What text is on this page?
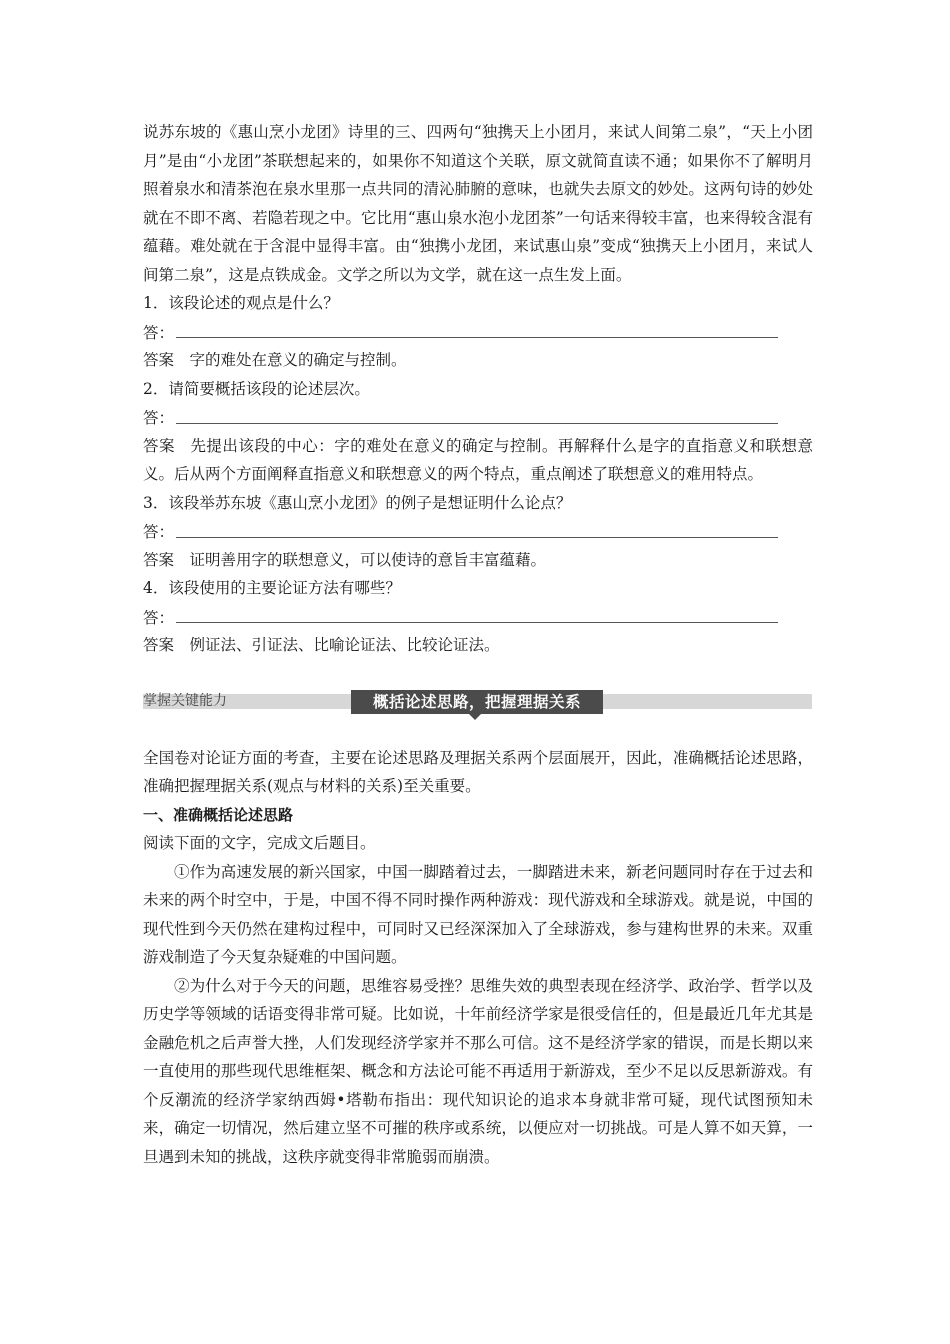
说苏东坡的《惠山烹小龙团》诗里的三、四两句“独携天上小团月，来试人间第二泉”，“天上小团月”是由“小龙团”茶联想起来的，如果你不知道这个关联，原文就简直读不通；如果你不了解明月照着泉水和清茶泡在泉水里那一点共同的清沁肺腑的意味，也就失去原文的妙处。这两句诗的妙处就在不即不离、若隐若现之中。它比用“惠山泉水泡小龙团茶”一句话来得较丰富，也来得较含混有蕴藉。难处就在于含混中显得丰富。由“独携小龙团，来试惠山泉”变成“独携天上小团月，来试人间第二泉”，这是点铁成金。文学之所以为文学，就在这一点生发上面。

1．该段论述的观点是什么？

答：

答案 字的难处在意义的确定与控制。

2．请简要概括该段的论述层次。

答：

答案 先提出该段的中心：字的难处在意义的确定与控制。再解释什么是字的直指意义和联想意义。后从两个方面阐释直指意义和联想意义的两个特点，重点阐述了联想意义的难用特点。

3．该段举苏东坡《惠山烹小龙团》的例子是想证明什么论点？

答：

答案 证明善用字的联想意义，可以使诗的意旨丰富蕴藉。

4．该段使用的主要论证方法有哪些？

答：

答案 例证法、引证法、比喻论证法、比较论证法。

掌握关键能力	概括论述思路，把握理据关系

全国卷对论证方面的考查，主要在论述思路及理据关系两个层面展开，因此，准确概括论述思路，准确把握理据关系(观点与材料的关系)至关重要。

一、准确概括论述思路

阅读下面的文字，完成文后题目。

①作为高速发展的新兴国家，中国一脚踏着过去，一脚踏进未来，新老问题同时存在于过去和未来的两个时空中，于是，中国不得不同时操作两种游戏：现代游戏和全球游戏。就是说，中国的现代性到今天仍然在建构过程中，可同时又已经深深加入了全球游戏，参与建构世界的未来。双重游戏制造了今天复杂疑难的中国问题。

②为什么对于今天的问题，思维容易受挫？思维失效的典型表现在经济学、政治学、哲学以及历史学等领域的话语变得非常可疑。比如说，十年前经济学家是很受信任的，但是最近几年尤其是金融危机之后声誉大挫，人们发现经济学家并不那么可信。这不是经济学家的错误，而是长期以来一直使用的那些现代思维框架、概念和方法论可能不再适用于新游戏，至少不足以反思新游戏。有个反潮流的经济学家纳西姆•塔勒布指出：现代知识论的追求本身就非常可疑，现代试图预知未来，确定一切情况，然后建立坚不可摧的秩序或系统，以便应对一切挑战。可是人算不如天算，一旦遇到未知的挑战，这秩序就变得非常脆弱而崩溃。
